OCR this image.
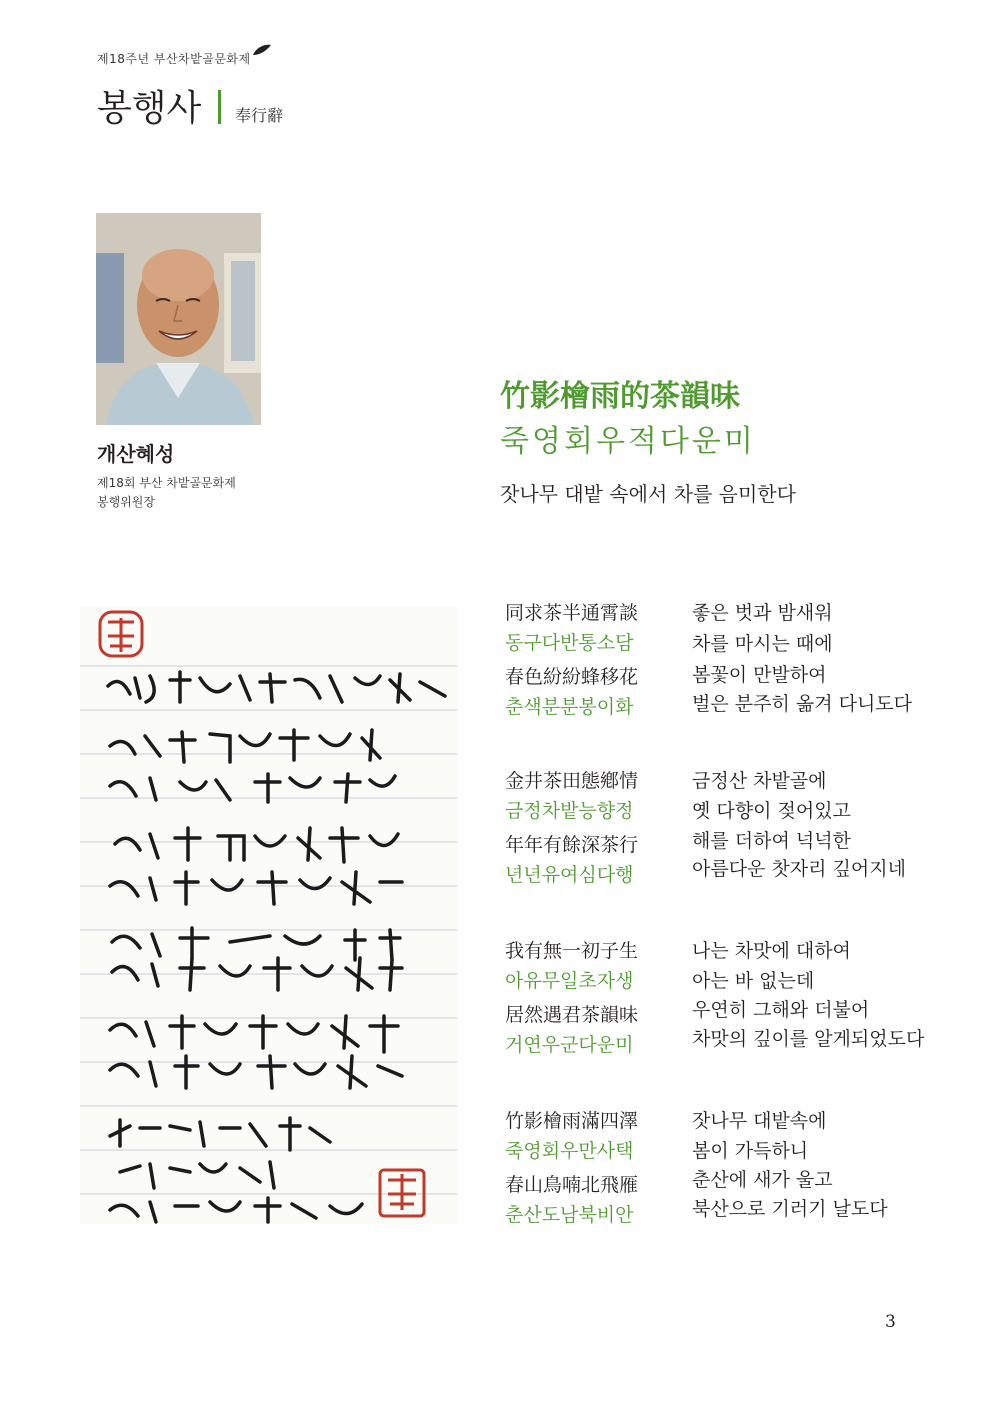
제18주년 부산차밭골문화제
봉행사 奉行辭
개산혜성
제18회 부산 차밭골문화제
봉행위원장
竹影檜雨的茶韻味
죽영회우적다운미
잣나무 대밭 속에서 차를 음미한다
同求茶半通霄談
동구다반통소담
春色紛紛蜂移花
춘색분분봉이화
좋은 벗과 밤새워
차를 마시는 때에
봄꽃이 만발하여
벌은 분주히 옮겨 다니도다
金井茶田態鄕情
금정차밭능향정
年年有餘深茶行
년년유여심다행
금정산 차밭골에
옛 다향이 젖어있고
해를 더하여 넉넉한
아름다운 찻자리 깊어지네
我有無一初子生
아유무일초자생
居然遇君茶韻味
거연우군다운미
나는 차맛에 대하여
아는 바 없는데
우연히 그해와 더불어
차맛의 깊이를 알게되었도다
竹影檜雨滿四澤
죽영회우만사택
春山鳥喃北飛雁
춘산도남북비안
잣나무 대밭속에
봄이 가득하니
춘산에 새가 울고
북산으로 기러기 날도다
3
